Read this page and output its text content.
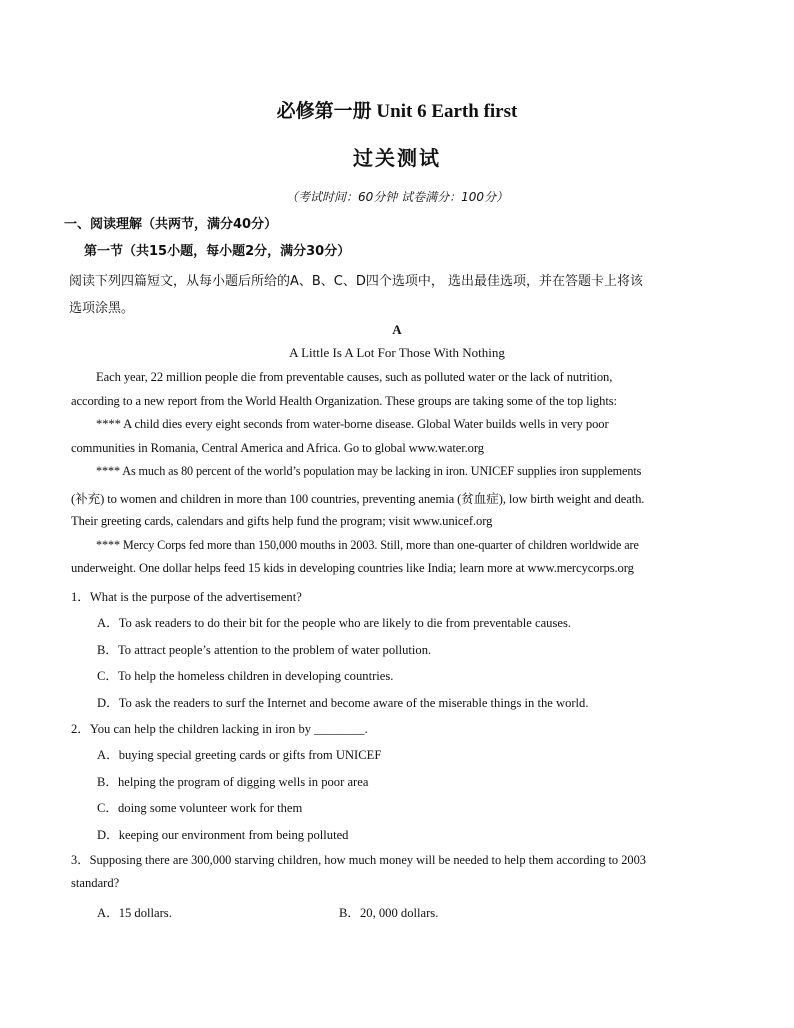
必修第一册 Unit 6 Earth first
过关测试
（考试时间：60分钟 试卷满分：100分）
一、阅读理解（共两节，满分40分）
第一节（共15小题，每小题2分，满分30分）
阅读下列四篇短文，从每小题后所给的A、B、C、D四个选项中， 选出最佳选项，并在答题卡上将该
选项涂黑。
A
A Little Is A Lot For Those With Nothing
Each year, 22 million people die from preventable causes, such as polluted water or the lack of nutrition,
according to a new report from the World Health Organization. These groups are taking some of the top lights:
**** A child dies every eight seconds from water-borne disease. Global Water builds wells in very poor
communities in Romania, Central America and Africa. Go to global www.water.org
**** As much as 80 percent of the world’s population may be lacking in iron. UNICEF supplies iron supplements
(补充) to women and children in more than 100 countries, preventing anemia (贫血症), low birth weight and death.
Their greeting cards, calendars and gifts help fund the program; visit www.unicef.org
**** Mercy Corps fed more than 150,000 mouths in 2003. Still, more than one-quarter of children worldwide are
underweight. One dollar helps feed 15 kids in developing countries like India; learn more at www.mercycorps.org
1．What is the purpose of the advertisement?
A．To ask readers to do their bit for the people who are likely to die from preventable causes.
B．To attract people’s attention to the problem of water pollution.
C．To help the homeless children in developing countries.
D．To ask the readers to surf the Internet and become aware of the miserable things in the world.
2．You can help the children lacking in iron by ________.
A．buying special greeting cards or gifts from UNICEF
B．helping the program of digging wells in poor area
C．doing some volunteer work for them
D．keeping our environment from being polluted
3．Supposing there are 300,000 starving children, how much money will be needed to help them according to 2003
standard?
A．15 dollars.	B．20, 000 dollars.
